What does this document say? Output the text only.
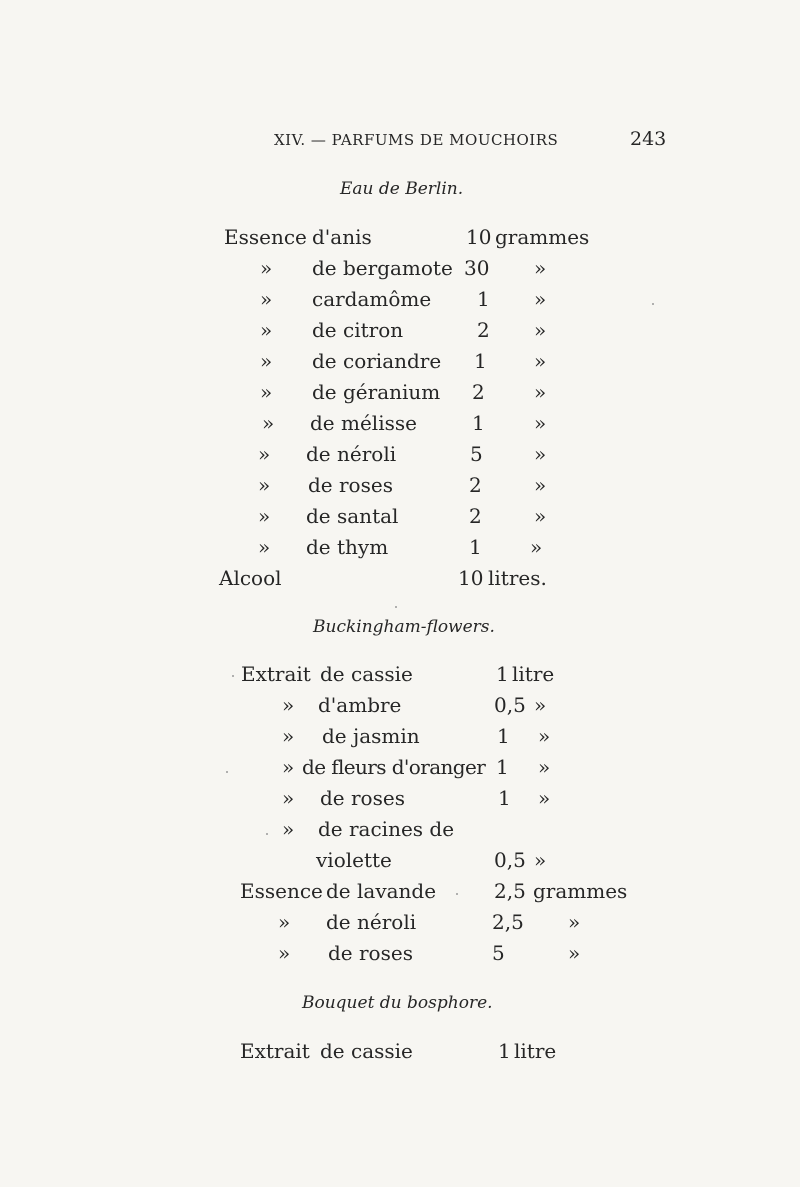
XIV. — PARFUMS DE MOUCHOIRS	243
Eau de Berlin.
Essence d'anis	10 grammes
» de bergamote 30 »
» cardamôme 1 »
» de citron	2 »
» de coriandre 1 »
» de géranium 2 »
» de mélisse	1 »
» de néroli	5	»
» de roses	2	»
» de santal	2	»
» de thym	1 »
Alcool	10 litres.
Buckingham-flowers.
Extrait de cassie	1 litre
» d'ambre	0,5 »
» de jasmin	1 »
» de fleurs d'oranger 1 »
» de roses	1 »
» de racines de
violette	0,5 »
Essence de lavande	2,5 grammes
» de néroli	2,5 »
» de roses	5	»
Bouquet du bosphore.
Extrait de cassie	1 litre
